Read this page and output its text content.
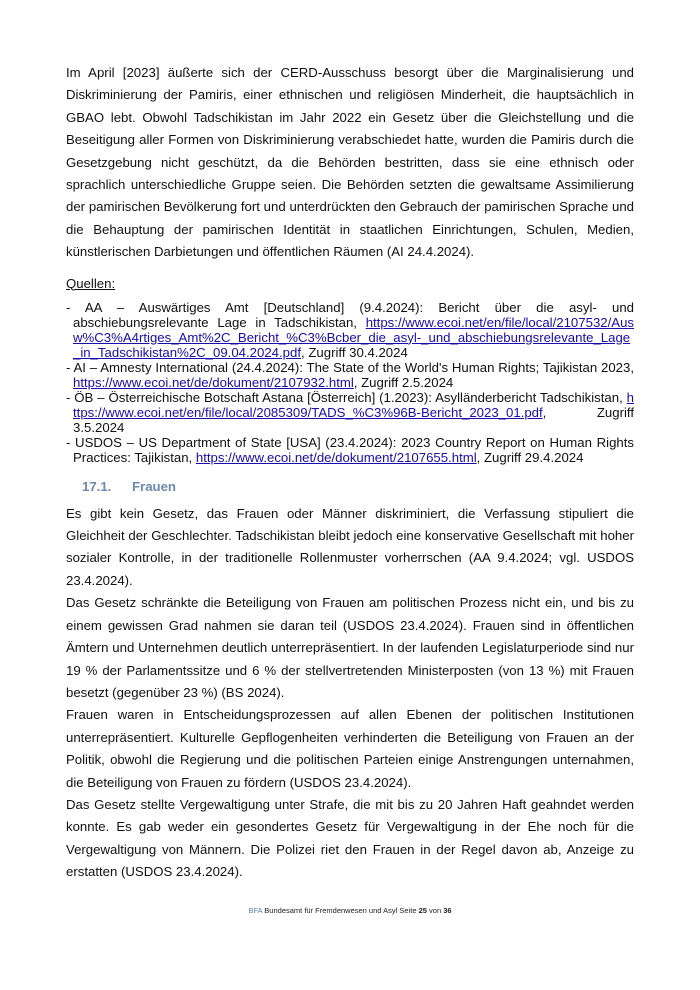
Im April [2023] äußerte sich der CERD-Ausschuss besorgt über die Marginalisierung und Diskriminierung der Pamiris, einer ethnischen und religiösen Minderheit, die hauptsächlich in GBAO lebt. Obwohl Tadschikistan im Jahr 2022 ein Gesetz über die Gleichstellung und die Beseitigung aller Formen von Diskriminierung verabschiedet hatte, wurden die Pamiris durch die Gesetzgebung nicht geschützt, da die Behörden bestritten, dass sie eine ethnisch oder sprachlich unterschiedliche Gruppe seien. Die Behörden setzten die gewaltsame Assimilierung der pamirischen Bevölkerung fort und unterdrückten den Gebrauch der pamirischen Sprache und die Behauptung der pamirischen Identität in staatlichen Einrichtungen, Schulen, Medien, künstlerischen Darbietungen und öffentlichen Räumen (AI 24.4.2024).

Quellen:
- AA – Auswärtiges Amt [Deutschland] (9.4.2024): Bericht über die asyl- und abschiebungsrelevante Lage in Tadschikistan, https://www.ecoi.net/en/file/local/2107532/Ausw%C3%A4rtiges_Amt%2C_Bericht_%C3%Bcber_die_asyl-_und_abschiebungsrelevante_Lage_in_Tadschikistan%2C_09.04.2024.pdf, Zugriff 30.4.2024
- AI – Amnesty International (24.4.2024): The State of the World's Human Rights; Tajikistan 2023, https://www.ecoi.net/de/dokument/2107932.html, Zugriff 2.5.2024
- ÖB – Österreichische Botschaft Astana [Österreich] (1.2023): Asylländerbericht Tadschikistan, https://www.ecoi.net/en/file/local/2085309/TADS_%C3%96B-Bericht_2023_01.pdf, Zugriff 3.5.2024
- USDOS – US Department of State [USA] (23.4.2024): 2023 Country Report on Human Rights Practices: Tajikistan, https://www.ecoi.net/de/dokument/2107655.html, Zugriff 29.4.2024
17.1. Frauen

Es gibt kein Gesetz, das Frauen oder Männer diskriminiert, die Verfassung stipuliert die Gleichheit der Geschlechter. Tadschikistan bleibt jedoch eine konservative Gesellschaft mit hoher sozialer Kontrolle, in der traditionelle Rollenmuster vorherrschen (AA 9.4.2024; vgl. USDOS 23.4.2024).

Das Gesetz schränkte die Beteiligung von Frauen am politischen Prozess nicht ein, und bis zu einem gewissen Grad nahmen sie daran teil (USDOS 23.4.2024). Frauen sind in öffentlichen Ämtern und Unternehmen deutlich unterrepräsentiert. In der laufenden Legislaturperiode sind nur 19 % der Parlamentssitze und 6 % der stellvertretenden Ministerposten (von 13 %) mit Frauen besetzt (gegenüber 23 %) (BS 2024).

Frauen waren in Entscheidungsprozessen auf allen Ebenen der politischen Institutionen unterrepräsentiert. Kulturelle Gepflogenheiten verhinderten die Beteiligung von Frauen an der Politik, obwohl die Regierung und die politischen Parteien einige Anstrengungen unternahmen, die Beteiligung von Frauen zu fördern (USDOS 23.4.2024).

Das Gesetz stellte Vergewaltigung unter Strafe, die mit bis zu 20 Jahren Haft geahndet werden konnte. Es gab weder ein gesondertes Gesetz für Vergewaltigung in der Ehe noch für die Vergewaltigung von Männern. Die Polizei riet den Frauen in der Regel davon ab, Anzeige zu erstatten (USDOS 23.4.2024).

BFA Bundesamt für Fremdenwesen und Asyl Seite 25 von 36
